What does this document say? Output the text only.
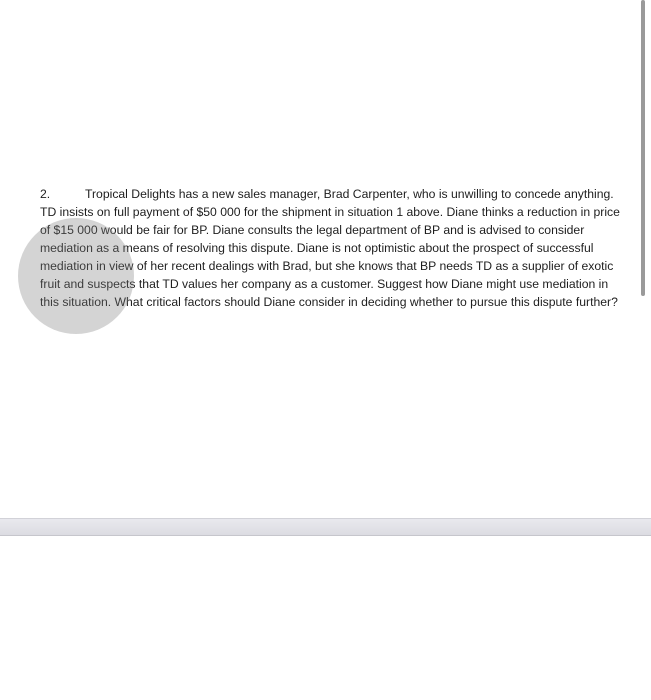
2.	Tropical Delights has a new sales manager, Brad Carpenter, who is unwilling to concede anything. TD insists on full payment of $50 000 for the shipment in situation 1 above. Diane thinks a reduction in price of $15 000 would be fair for BP. Diane consults the legal department of BP and is advised to consider mediation as a means of resolving this dispute. Diane is not optimistic about the prospect of successful mediation in view of her recent dealings with Brad, but she knows that BP needs TD as a supplier of exotic fruit and suspects that TD values her company as a customer. Suggest how Diane might use mediation in this situation. What critical factors should Diane consider in deciding whether to pursue this dispute further?
